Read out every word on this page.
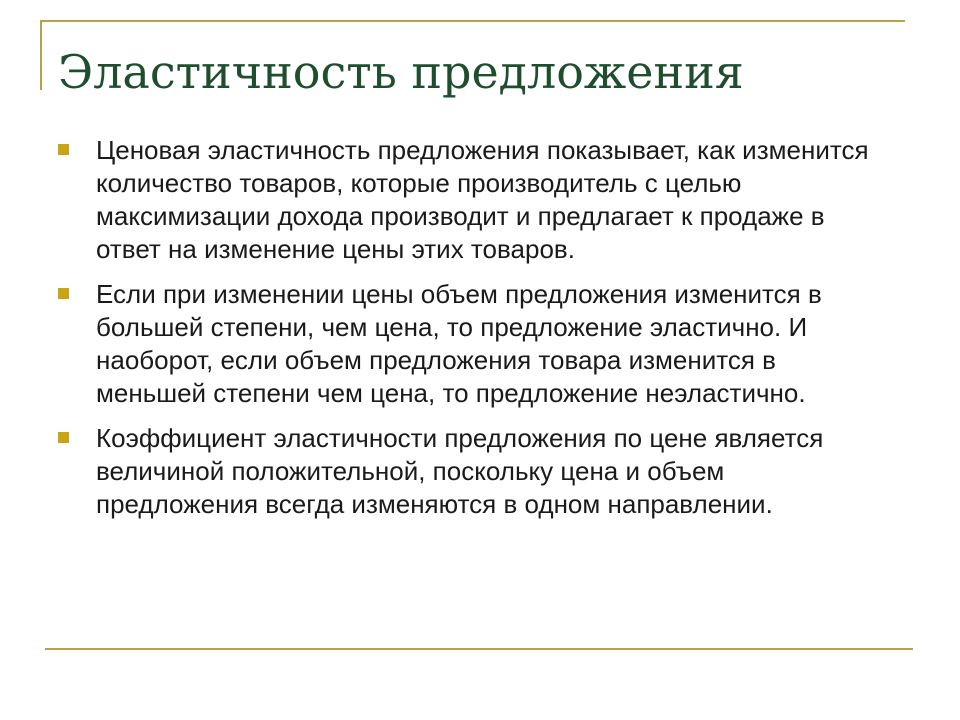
Эластичность предложения
Ценовая эластичность предложения показывает, как изменится количество товаров, которые производитель с целью максимизации дохода производит и предлагает к продаже в ответ на изменение цены этих товаров.
Если при изменении цены объем предложения изменится в большей степени, чем цена, то предложение эластично. И наоборот, если объем предложения товара изменится в меньшей степени чем цена, то предложение неэластично.
Коэффициент эластичности предложения по цене является величиной положительной, поскольку цена и объем предложения всегда изменяются в одном направлении.
